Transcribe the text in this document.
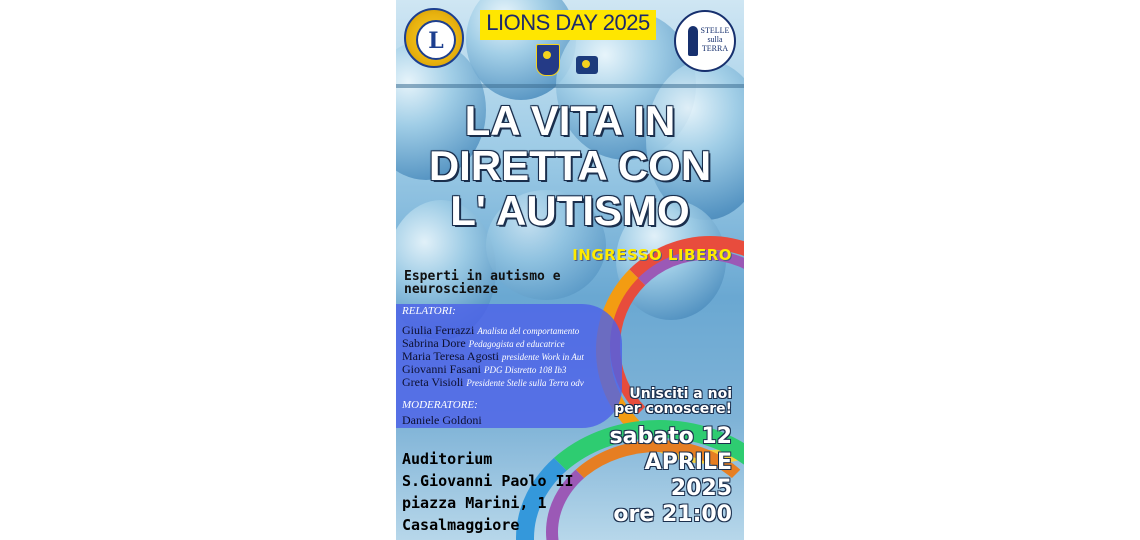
L
LIONS DAY 2025	STELLE sulla TERRA
LA VITA IN
DIRETTA CON
L' AUTISMO
INGRESSO LIBERO
Esperti in autismo e
neuroscienze
RELATORI:
Giulia Ferrazzi Analista del comportamento
Sabrina Dore Pedagogista ed educatrice
Maria Teresa Agosti presidente Work in Aut
Giovanni Fasani PDG Distretto 108 Ib3
Greta Visioli Presidente Stelle sulla Terra odv
MODERATORE:
Daniele Goldoni
Unisciti a noi
per conoscere!
sabato 12
APRILE
2025
ore 21:00
Auditorium
S.Giovanni Paolo II
piazza Marini, 1
Casalmaggiore
